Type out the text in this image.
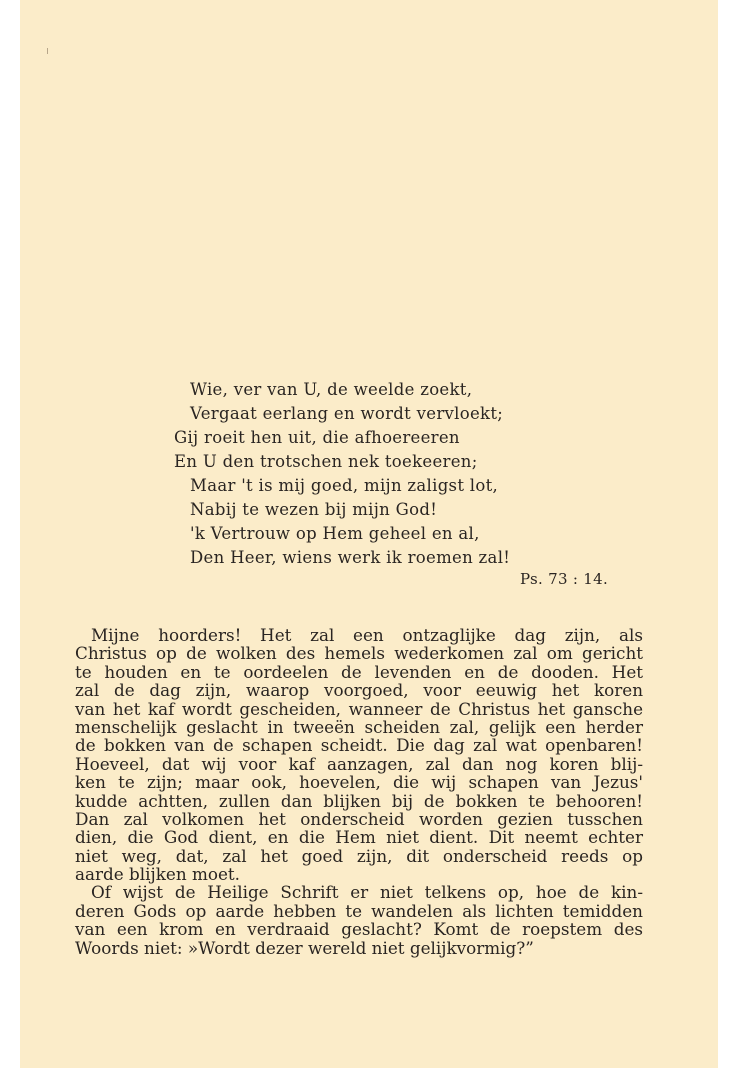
Wie, ver van U, de weelde zoekt,
Vergaat eerlang en wordt vervloekt;
Gij roeit hen uit, die afhoereeren
En U den trotschen nek toekeeren;
Maar 't is mij goed, mijn zaligst lot,
Nabij te wezen bij mijn God!
'k Vertrouw op Hem geheel en al,
Den Heer, wiens werk ik roemen zal!
Ps. 73 : 14.
Mijne hoorders! Het zal een ontzaglijke dag zijn, als
Christus op de wolken des hemels wederkomen zal om gericht
te houden en te oordeelen de levenden en de dooden. Het
zal de dag zijn, waarop voorgoed, voor eeuwig het koren
van het kaf wordt gescheiden, wanneer de Christus het gansche
menschelijk geslacht in tweeën scheiden zal, gelijk een herder
de bokken van de schapen scheidt. Die dag zal wat openbaren!
Hoeveel, dat wij voor kaf aanzagen, zal dan nog koren blij-
ken te zijn; maar ook, hoevelen, die wij schapen van Jezus'
kudde achtten, zullen dan blijken bij de bokken te behooren!
Dan zal volkomen het onderscheid worden gezien tusschen
dien, die God dient, en die Hem niet dient. Dit neemt echter
niet weg, dat, zal het goed zijn, dit onderscheid reeds op
aarde blijken moet.
Of wijst de Heilige Schrift er niet telkens op, hoe de kin-
deren Gods op aarde hebben te wandelen als lichten temidden
van een krom en verdraaid geslacht? Komt de roepstem des
Woords niet: »Wordt dezer wereld niet gelijkvormig?”
